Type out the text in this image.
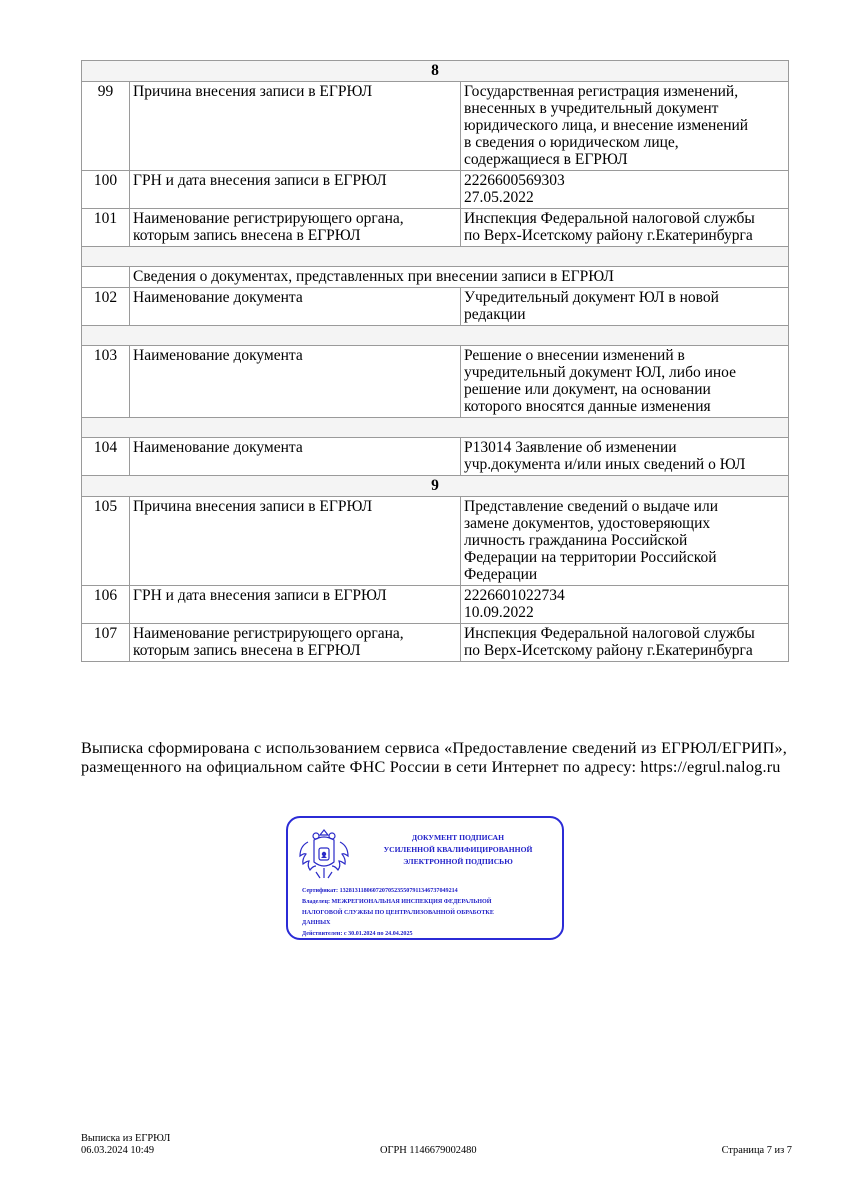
8		
99	Причина внесения записи в ЕГРЮЛ	Государственная регистрация изменений,
внесенных в учредительный документ
юридического лица, и внесение изменений
в сведения о юридическом лице,
содержащиеся в ЕГРЮЛ
100	ГРН и дата внесения записи в ЕГРЮЛ	2226600569303
27.05.2022
101	Наименование регистрирующего органа,
которым запись внесена в ЕГРЮЛ	Инспекция Федеральной налоговой службы
по Верх-Исетскому району г.Екатеринбурга

	Сведения о документах, представленных при внесении записи в ЕГРЮЛ	
102	Наименование документа	Учредительный документ ЮЛ в новой
редакции

103	Наименование документа	Решение о внесении изменений в
учредительный документ ЮЛ, либо иное
решение или документ, на основании
которого вносятся данные изменения

104	Наименование документа	Р13014 Заявление об изменении
учр.документа и/или иных сведений о ЮЛ
9		
105	Причина внесения записи в ЕГРЮЛ	Представление сведений о выдаче или
замене документов, удостоверяющих
личность гражданина Российской
Федерации на территории Российской
Федерации
106	ГРН и дата внесения записи в ЕГРЮЛ	2226601022734
10.09.2022
107	Наименование регистрирующего органа,
которым запись внесена в ЕГРЮЛ	Инспекция Федеральной налоговой службы
по Верх-Исетскому району г.Екатеринбурга
Выписка сформирована с использованием сервиса «Предоставление сведений из ЕГРЮЛ/ЕГРИП», размещенного на официальном сайте ФНС России в сети Интернет по адресу: https://egrul.nalog.ru
ДОКУМЕНТ ПОДПИСАН
УСИЛЕННОЙ КВАЛИФИЦИРОВАННОЙ
ЭЛЕКТРОННОЙ ПОДПИСЬЮ
Сертификат: 13281311806072070523550791134673704921​4
Владелец: МЕЖРЕГИОНАЛЬНАЯ ИНСПЕКЦИЯ ФЕДЕРАЛЬНОЙ
НАЛОГОВОЙ СЛУЖБЫ ПО ЦЕНТРАЛИЗОВАННОЙ ОБРАБОТКЕ
ДАННЫХ
Действителен: с 30.01.2024 по 24.04.2025
Выписка из ЕГРЮЛ
06.03.2024 10:49	ОГРН 1146679002480	Страница 7 из 7
